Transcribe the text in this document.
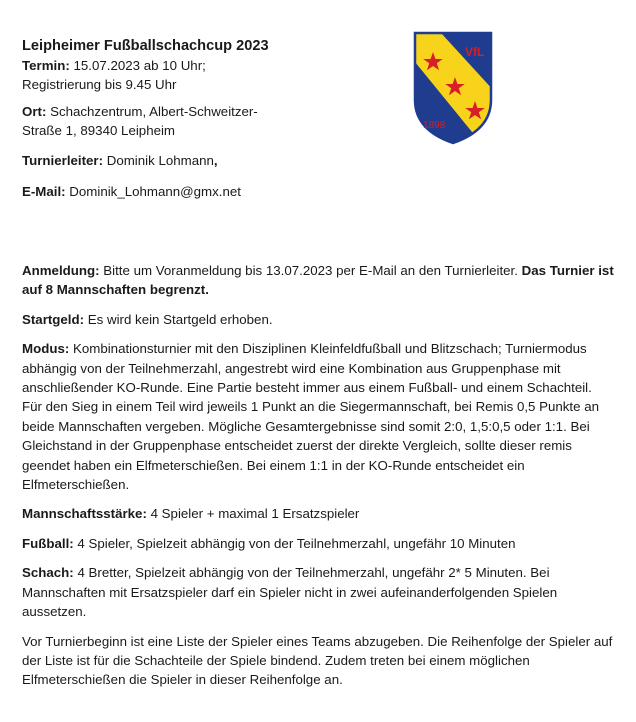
Leipheimer Fußballschachcup 2023

Termin: 15.07.2023 ab 10 Uhr;

Registrierung bis 9.45 Uhr

Ort: Schachzentrum, Albert-Schweitzer-

Straße 1, 89340 Leipheim

Turnierleiter: Dominik Lohmann,

E-Mail: Dominik_Lohmann@gmx.net

VfL
1898

Anmeldung: Bitte um Voranmeldung bis 13.07.2023 per E-Mail an den Turnierleiter. Das Turnier ist auf 8 Mannschaften begrenzt.

Startgeld: Es wird kein Startgeld erhoben.

Modus: Kombinationsturnier mit den Disziplinen Kleinfeldfußball und Blitzschach; Turniermodus abhängig von der Teilnehmerzahl, angestrebt wird eine Kombination aus Gruppenphase mit anschließender KO-Runde. Eine Partie besteht immer aus einem Fußball- und einem Schachteil. Für den Sieg in einem Teil wird jeweils 1 Punkt an die Siegermannschaft, bei Remis 0,5 Punkte an beide Mannschaften vergeben. Mögliche Gesamtergebnisse sind somit 2:0, 1,5:0,5 oder 1:1. Bei Gleichstand in der Gruppenphase entscheidet zuerst der direkte Vergleich, sollte dieser remis geendet haben ein Elfmeterschießen. Bei einem 1:1 in der KO-Runde entscheidet ein Elfmeterschießen.

Mannschaftsstärke: 4 Spieler + maximal 1 Ersatzspieler

Fußball: 4 Spieler, Spielzeit abhängig von der Teilnehmerzahl, ungefähr 10 Minuten

Schach: 4 Bretter, Spielzeit abhängig von der Teilnehmerzahl, ungefähr 2* 5 Minuten. Bei Mannschaften mit Ersatzspieler darf ein Spieler nicht in zwei aufeinanderfolgenden Spielen aussetzen.

Vor Turnierbeginn ist eine Liste der Spieler eines Teams abzugeben. Die Reihenfolge der Spieler auf der Liste ist für die Schachteile der Spiele bindend. Zudem treten bei einem möglichen Elfmeterschießen die Spieler in dieser Reihenfolge an.
